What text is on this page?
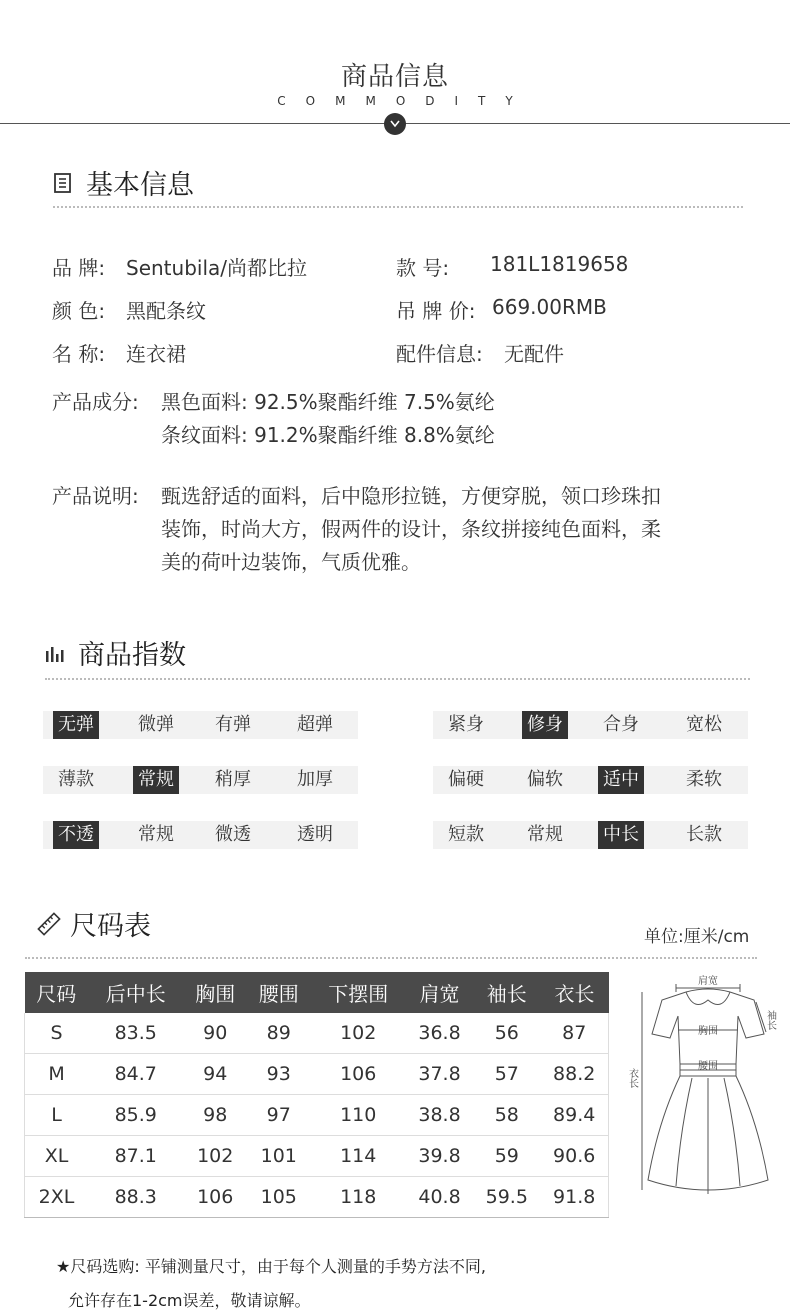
商品信息
COMMODITY
基本信息
品 牌: Sentubila/尚都比拉	款 号: 181L1819658
颜 色: 黑配条纹	吊 牌 价: 669.00RMB
名 称: 连衣裙	配件信息: 无配件
产品成分: 黑色面料: 92.5%聚酯纤维 7.5%氨纶
条纹面料: 91.2%聚酯纤维 8.8%氨纶
产品说明: 甄选舒适的面料，后中隐形拉链，方便穿脱，领口珍珠扣
装饰，时尚大方，假两件的设计，条纹拼接纯色面料，柔
美的荷叶边装饰，气质优雅。
商品指数
无弹 微弹 有弹	超弹
薄款 常规 稍厚	加厚
不透 常规 微透	透明
紧身 修身 合身	宽松
偏硬 偏软 适中	柔软
短款 常规 中长	长款
尺码表	单位:厘米/cm
尺码	后中长	胸围	腰围	下摆围	肩宽	袖长	衣长
S	83.5	90	89	102	36.8	56	87
M	84.7	94	93	106	37.8	57	88.2
L	85.9	98	97	110	38.8	58	89.4
XL	87.1	102	101	114	39.8	59	90.6
2XL	88.3	106	105	118	40.8	59.5	91.8
肩宽
胸围
腰围
袖长
衣长
★尺码选购: 平铺测量尺寸，由于每个人测量的手势方法不同,
允许存在1-2cm误差，敬请谅解。
